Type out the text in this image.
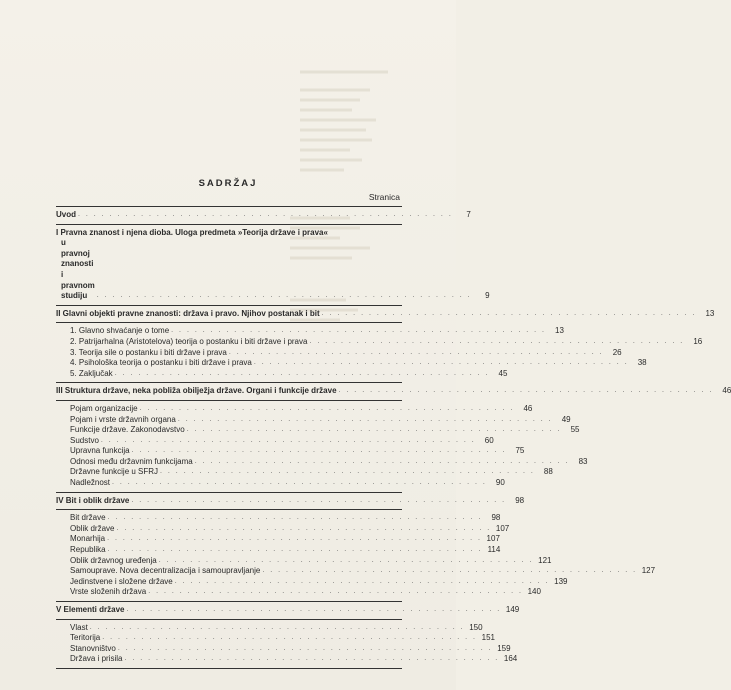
SADRŽAJ
Stranica
Uvod . . . . . . . . . . . . . . . . . . . . . . . . . . . . . . . . . . . . . . . . . . . . . . . .	7
I Pravna znanost i njena dioba. Uloga predmeta »Teorija države i prava«
u pravnoj znanosti i pravnom studiju	. . . . . . . . . . . . . . . . . . . . . . . . . . . . . . . . . . . . . . . . . . . . . . . .	9
II Glavni objekti pravne znanosti: država i pravo. Njihov postanak i bit . . . . . . . . . . . . . . . . . . . . . . . . . . . . . . . . . . . . . . . . . . . . . . . .	13
1. Glavno shvaćanje o tome . . . . . . . . . . . . . . . . . . . . . . . . . . . . . . . . . . . . . . . . . . . . . . . .	13
2. Patrijarhalna (Aristotelova) teorija o postanku i biti države i prava . . . . . . . . . . . . . . . . . . . . . . . . . . . . . . . . . . . . . . . . . . . . . . . .	16
3. Teorija sile o postanku i biti države i prava . . . . . . . . . . . . . . . . . . . . . . . . . . . . . . . . . . . . . . . . . . . . . . . .	26
4. Psihološka teorija o postanku i biti države i prava . . . . . . . . . . . . . . . . . . . . . . . . . . . . . . . . . . . . . . . . . . . . . . . .	38
5. Zaključak . . . . . . . . . . . . . . . . . . . . . . . . . . . . . . . . . . . . . . . . . . . . . . . .	45
III Struktura države, neka pobliža obilježja države. Organi i funkcije države . . . . . . . . . . . . . . . . . . . . . . . . . . . . . . . . . . . . . . . . . . . . . . . .	46
Pojam organizacije . . . . . . . . . . . . . . . . . . . . . . . . . . . . . . . . . . . . . . . . . . . . . . . .	46
Pojam i vrste državnih organa . . . . . . . . . . . . . . . . . . . . . . . . . . . . . . . . . . . . . . . . . . . . . . . .	49
Funkcije države. Zakonodavstvo . . . . . . . . . . . . . . . . . . . . . . . . . . . . . . . . . . . . . . . . . . . . . . . .	55
Sudstvo . . . . . . . . . . . . . . . . . . . . . . . . . . . . . . . . . . . . . . . . . . . . . . . .	60
Upravna funkcija . . . . . . . . . . . . . . . . . . . . . . . . . . . . . . . . . . . . . . . . . . . . . . . .	75
Odnosi među državnim funkcijama . . . . . . . . . . . . . . . . . . . . . . . . . . . . . . . . . . . . . . . . . . . . . . . .	83
Državne funkcije u SFRJ . . . . . . . . . . . . . . . . . . . . . . . . . . . . . . . . . . . . . . . . . . . . . . . .	88
Nadležnost . . . . . . . . . . . . . . . . . . . . . . . . . . . . . . . . . . . . . . . . . . . . . . . .	90
IV Bit i oblik države . . . . . . . . . . . . . . . . . . . . . . . . . . . . . . . . . . . . . . . . . . . . . . . .	98
Bit države . . . . . . . . . . . . . . . . . . . . . . . . . . . . . . . . . . . . . . . . . . . . . . . .	98
Oblik države . . . . . . . . . . . . . . . . . . . . . . . . . . . . . . . . . . . . . . . . . . . . . . . . 107
Monarhija . . . . . . . . . . . . . . . . . . . . . . . . . . . . . . . . . . . . . . . . . . . . . . . . 107
Republika . . . . . . . . . . . . . . . . . . . . . . . . . . . . . . . . . . . . . . . . . . . . . . . . 114
Oblik državnog uređenja . . . . . . . . . . . . . . . . . . . . . . . . . . . . . . . . . . . . . . . . . . . . . . . . 121
Samouprave. Nova decentralizacija i samoupravljanje . . . . . . . . . . . . . . . . . . . . . . . . . . . . . . . . . . . . . . . . . . . . . . . . 127
Jedinstvene i složene države . . . . . . . . . . . . . . . . . . . . . . . . . . . . . . . . . . . . . . . . . . . . . . . . 139
Vrste složenih država . . . . . . . . . . . . . . . . . . . . . . . . . . . . . . . . . . . . . . . . . . . . . . . . 140
V Elementi države . . . . . . . . . . . . . . . . . . . . . . . . . . . . . . . . . . . . . . . . . . . . . . . . 149
Vlast . . . . . . . . . . . . . . . . . . . . . . . . . . . . . . . . . . . . . . . . . . . . . . . . 150
Teritorija . . . . . . . . . . . . . . . . . . . . . . . . . . . . . . . . . . . . . . . . . . . . . . . . 151
Stanovništvo . . . . . . . . . . . . . . . . . . . . . . . . . . . . . . . . . . . . . . . . . . . . . . . . 159
Država i prisila . . . . . . . . . . . . . . . . . . . . . . . . . . . . . . . . . . . . . . . . . . . . . . . . 164
